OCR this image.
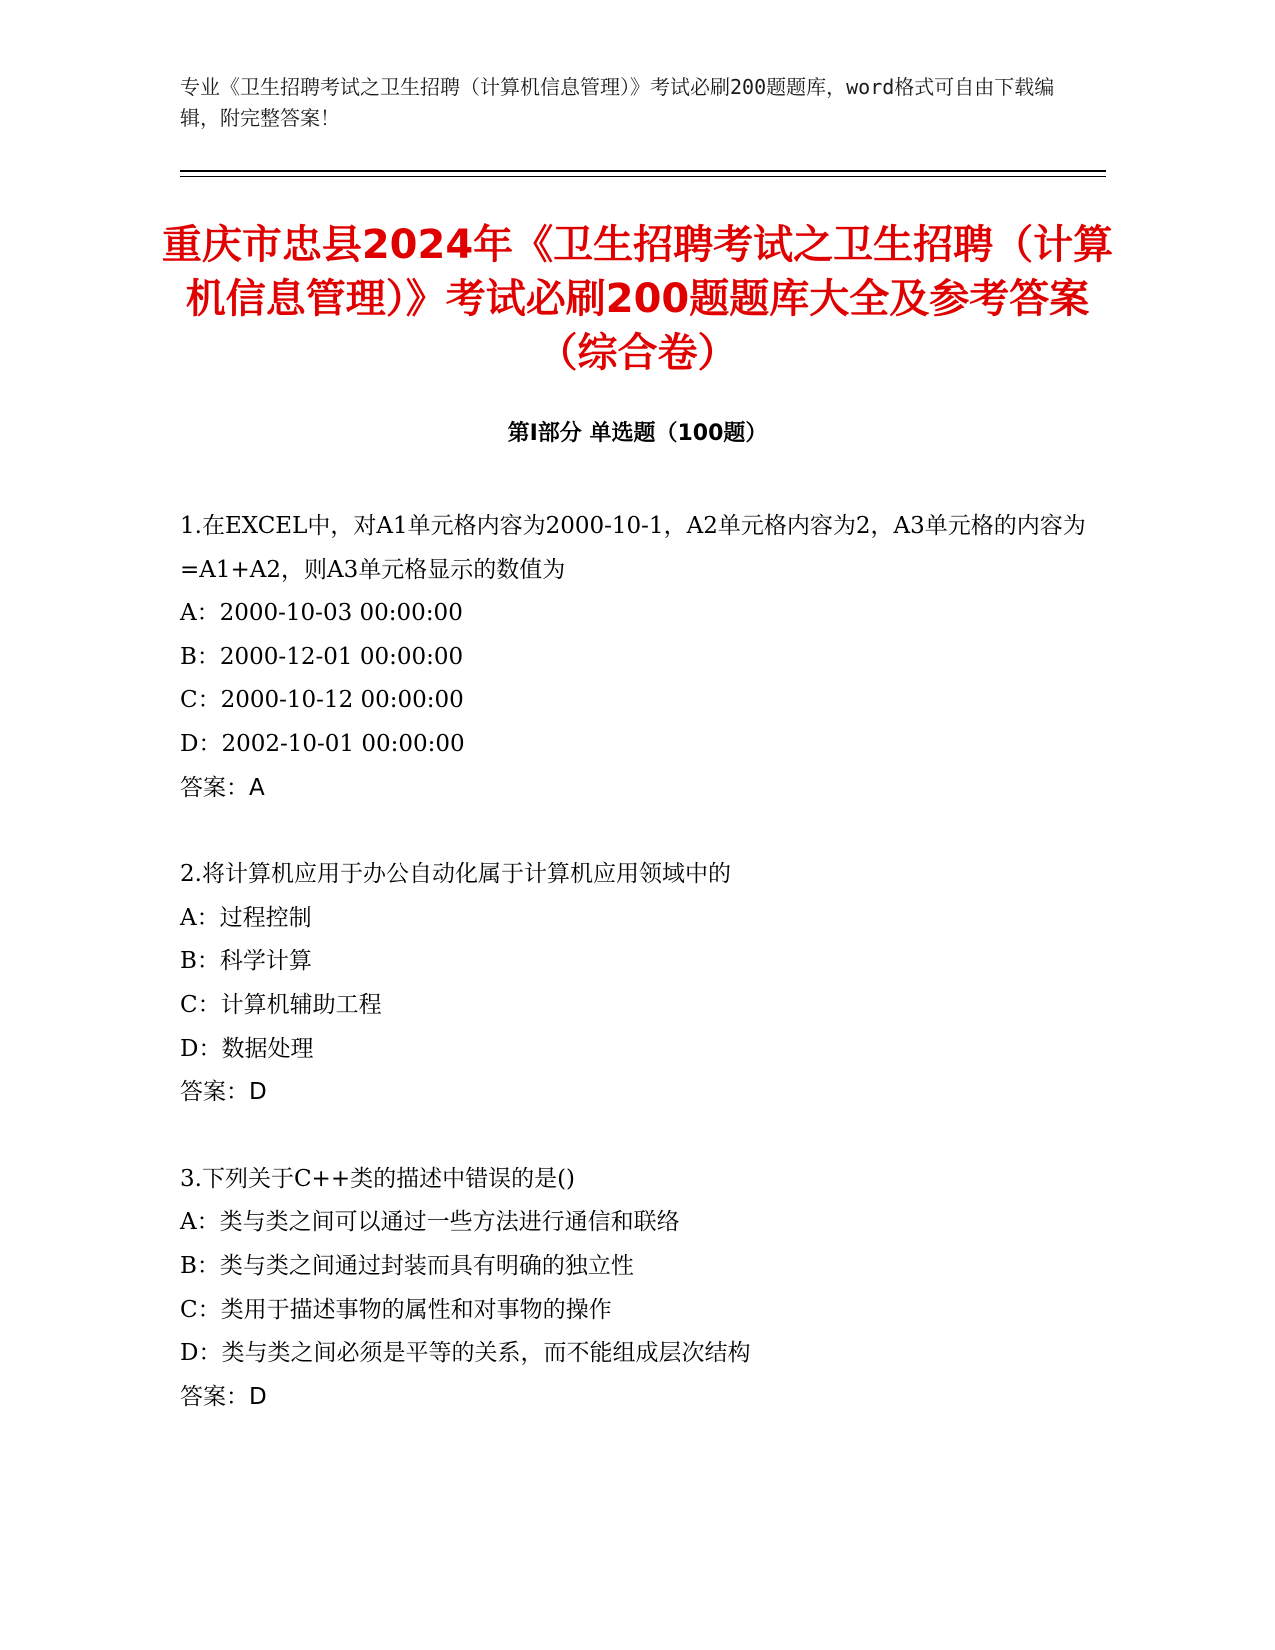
专业《卫生招聘考试之卫生招聘（计算机信息管理）》考试必刷200题题库，word格式可自由下载编辑，附完整答案！
重庆市忠县2024年《卫生招聘考试之卫生招聘（计算机信息管理）》考试必刷200题题库大全及参考答案（综合卷）
第Ⅰ部分 单选题（100题）
1.在EXCEL中，对A1单元格内容为2000-10-1，A2单元格内容为2，A3单元格的内容为=A1+A2，则A3单元格显示的数值为
A：2000-10-03 00:00:00
B：2000-12-01 00:00:00
C：2000-10-12 00:00:00
D：2002-10-01 00:00:00
答案：A
2.将计算机应用于办公自动化属于计算机应用领域中的
A：过程控制
B：科学计算
C：计算机辅助工程
D：数据处理
答案：D
3.下列关于C++类的描述中错误的是()
A：类与类之间可以通过一些方法进行通信和联络
B：类与类之间通过封装而具有明确的独立性
C：类用于描述事物的属性和对事物的操作
D：类与类之间必须是平等的关系，而不能组成层次结构
答案：D
